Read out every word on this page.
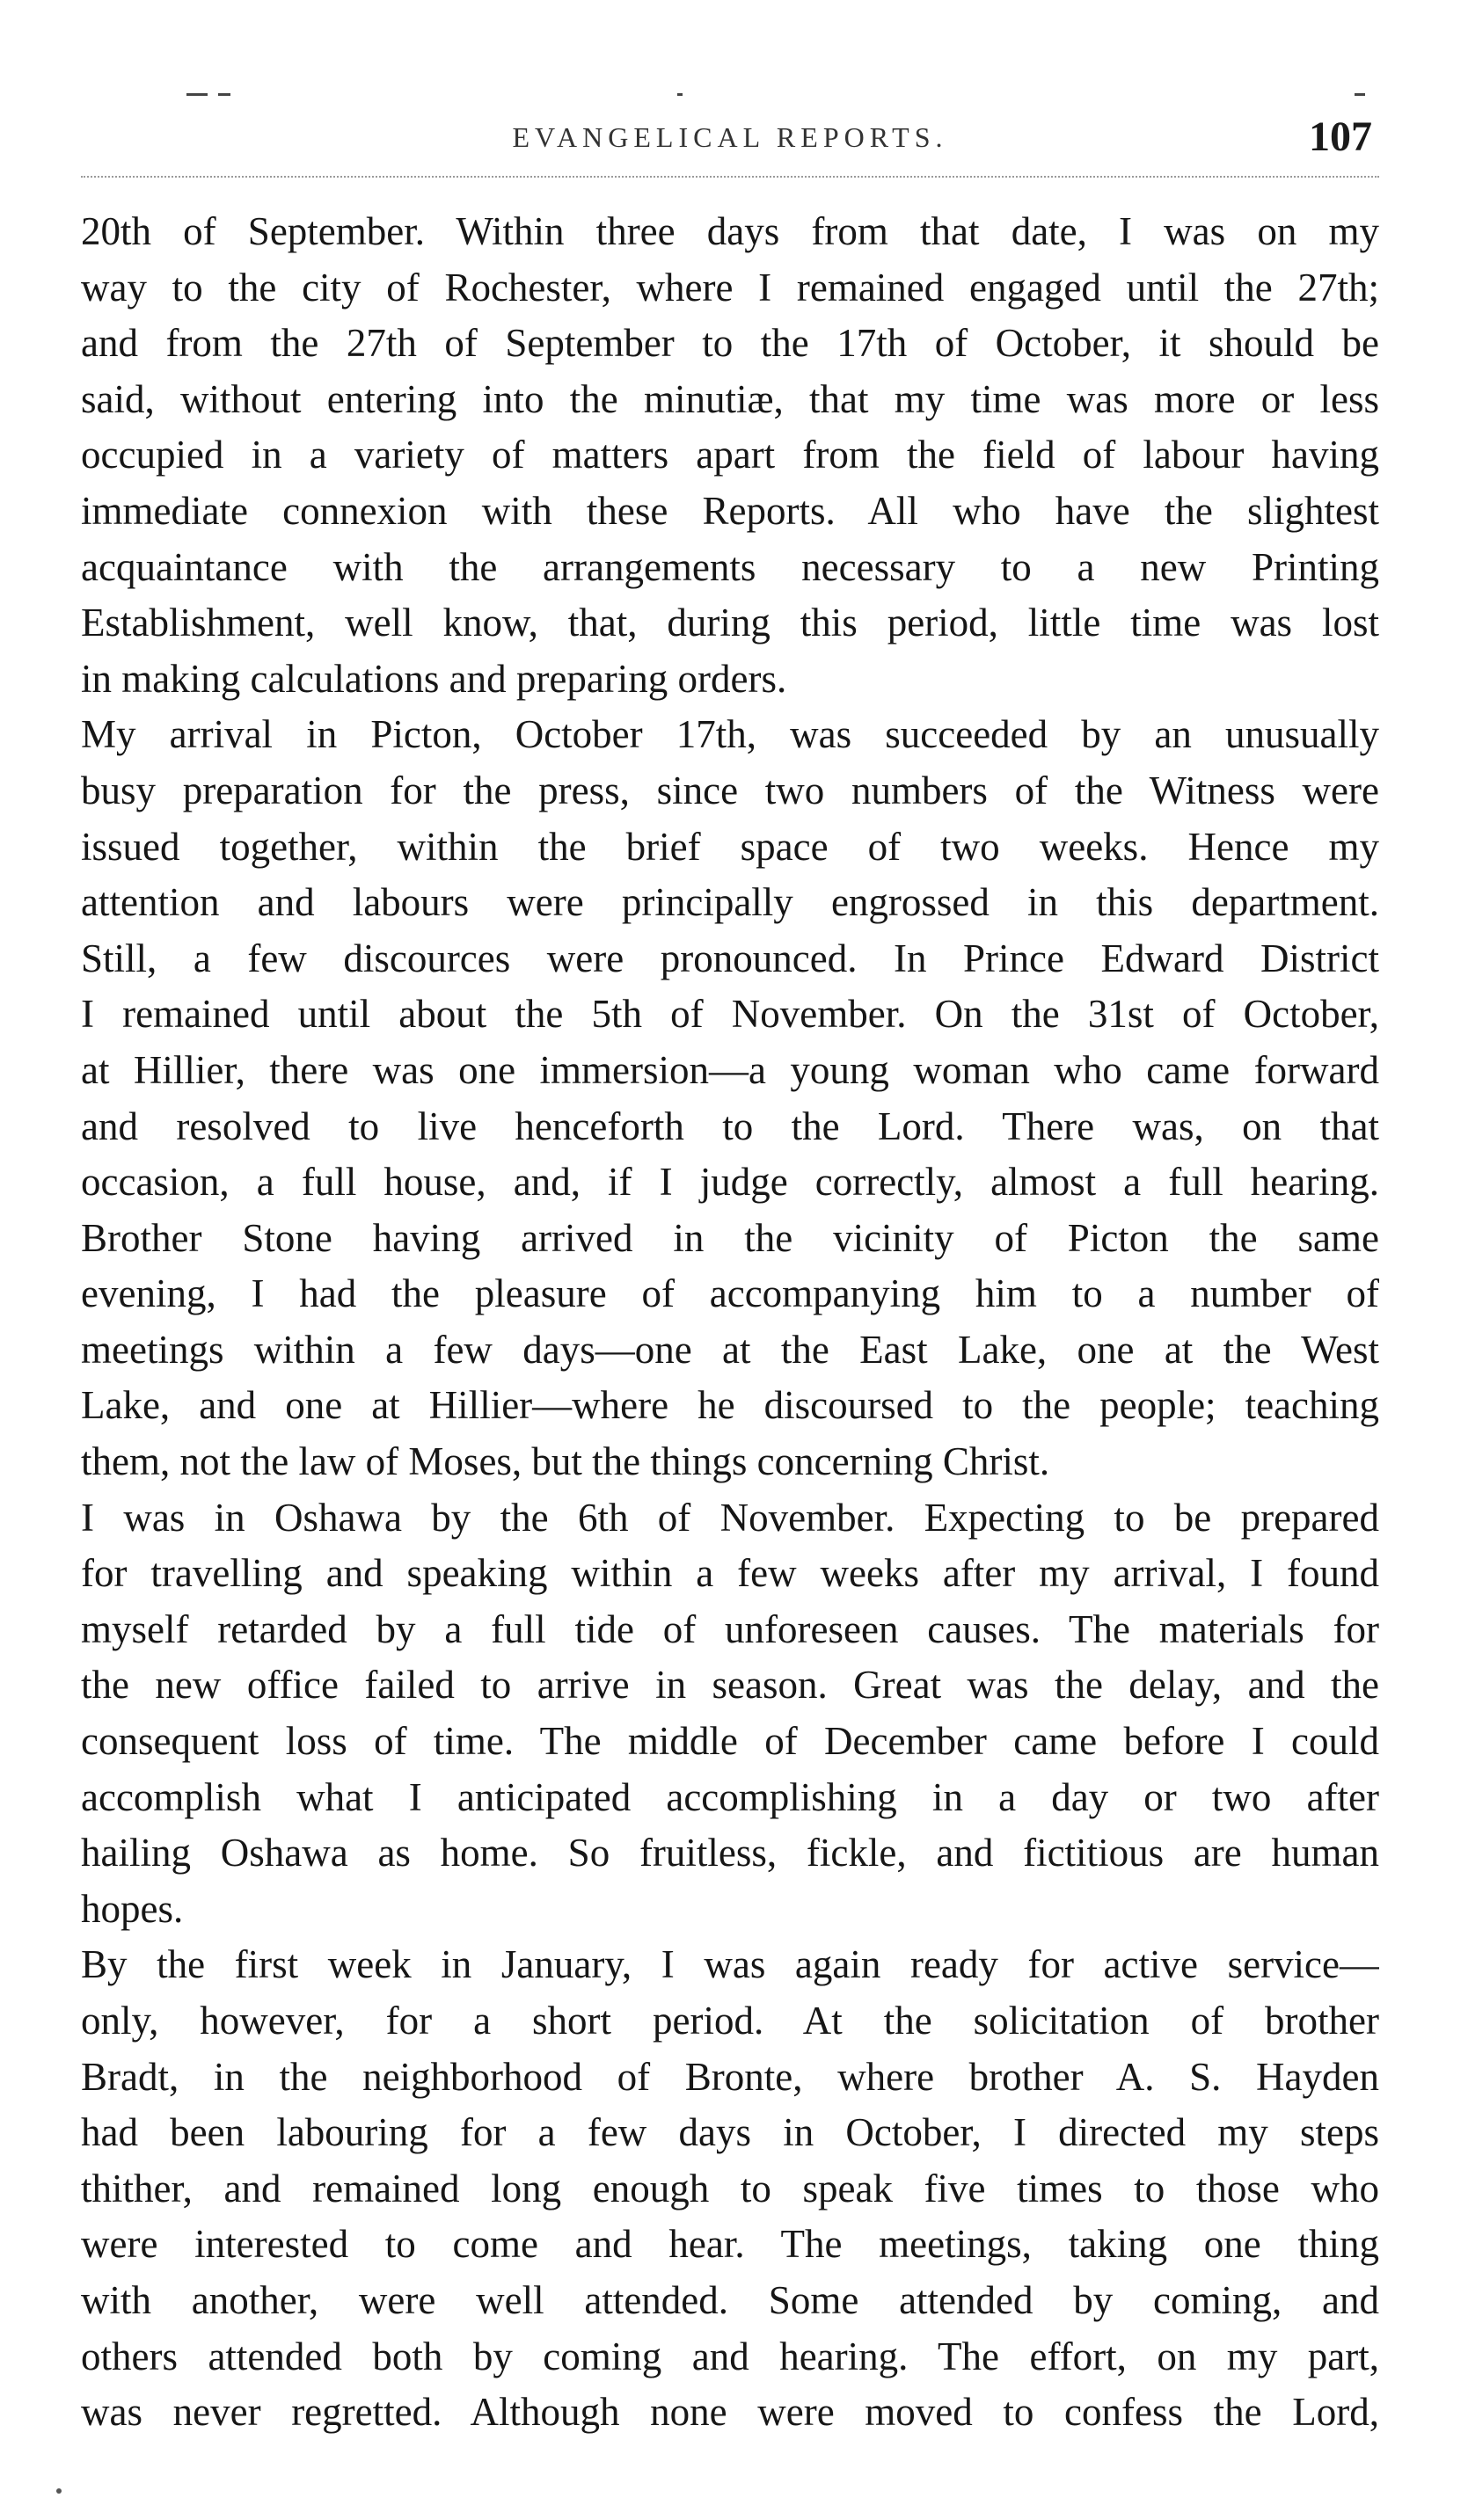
EVANGELICAL REPORTS.	107
20th of September. Within three days from that date, I was on my
way to the city of Rochester, where I remained engaged until the 27th;
and from the 27th of September to the 17th of October, it should be
said, without entering into the minutiæ, that my time was more or less
occupied in a variety of matters apart from the field of labour having
immediate connexion with these Reports. All who have the slightest
acquaintance with the arrangements necessary to a new Printing
Establishment, well know, that, during this period, little time was lost
in making calculations and preparing orders.
My arrival in Picton, October 17th, was succeeded by an unusually
busy preparation for the press, since two numbers of the Witness were
issued together, within the brief space of two weeks. Hence my
attention and labours were principally engrossed in this department.
Still, a few discources were pronounced. In Prince Edward District
I remained until about the 5th of November. On the 31st of October,
at Hillier, there was one immersion—a young woman who came forward
and resolved to live henceforth to the Lord. There was, on that
occasion, a full house, and, if I judge correctly, almost a full hearing.
Brother Stone having arrived in the vicinity of Picton the same
evening, I had the pleasure of accompanying him to a number of
meetings within a few days—one at the East Lake, one at the West
Lake, and one at Hillier—where he discoursed to the people; teaching
them, not the law of Moses, but the things concerning Christ.
I was in Oshawa by the 6th of November. Expecting to be prepared
for travelling and speaking within a few weeks after my arrival, I found
myself retarded by a full tide of unforeseen causes. The materials for
the new office failed to arrive in season. Great was the delay, and the
consequent loss of time. The middle of December came before I could
accomplish what I anticipated accomplishing in a day or two after
hailing Oshawa as home. So fruitless, fickle, and fictitious are human
hopes.
By the first week in January, I was again ready for active service—
only, however, for a short period. At the solicitation of brother
Bradt, in the neighborhood of Bronte, where brother A. S. Hayden
had been labouring for a few days in October, I directed my steps
thither, and remained long enough to speak five times to those who
were interested to come and hear. The meetings, taking one thing
with another, were well attended. Some attended by coming, and
others attended both by coming and hearing. The effort, on my part,
was never regretted. Although none were moved to confess the Lord,
